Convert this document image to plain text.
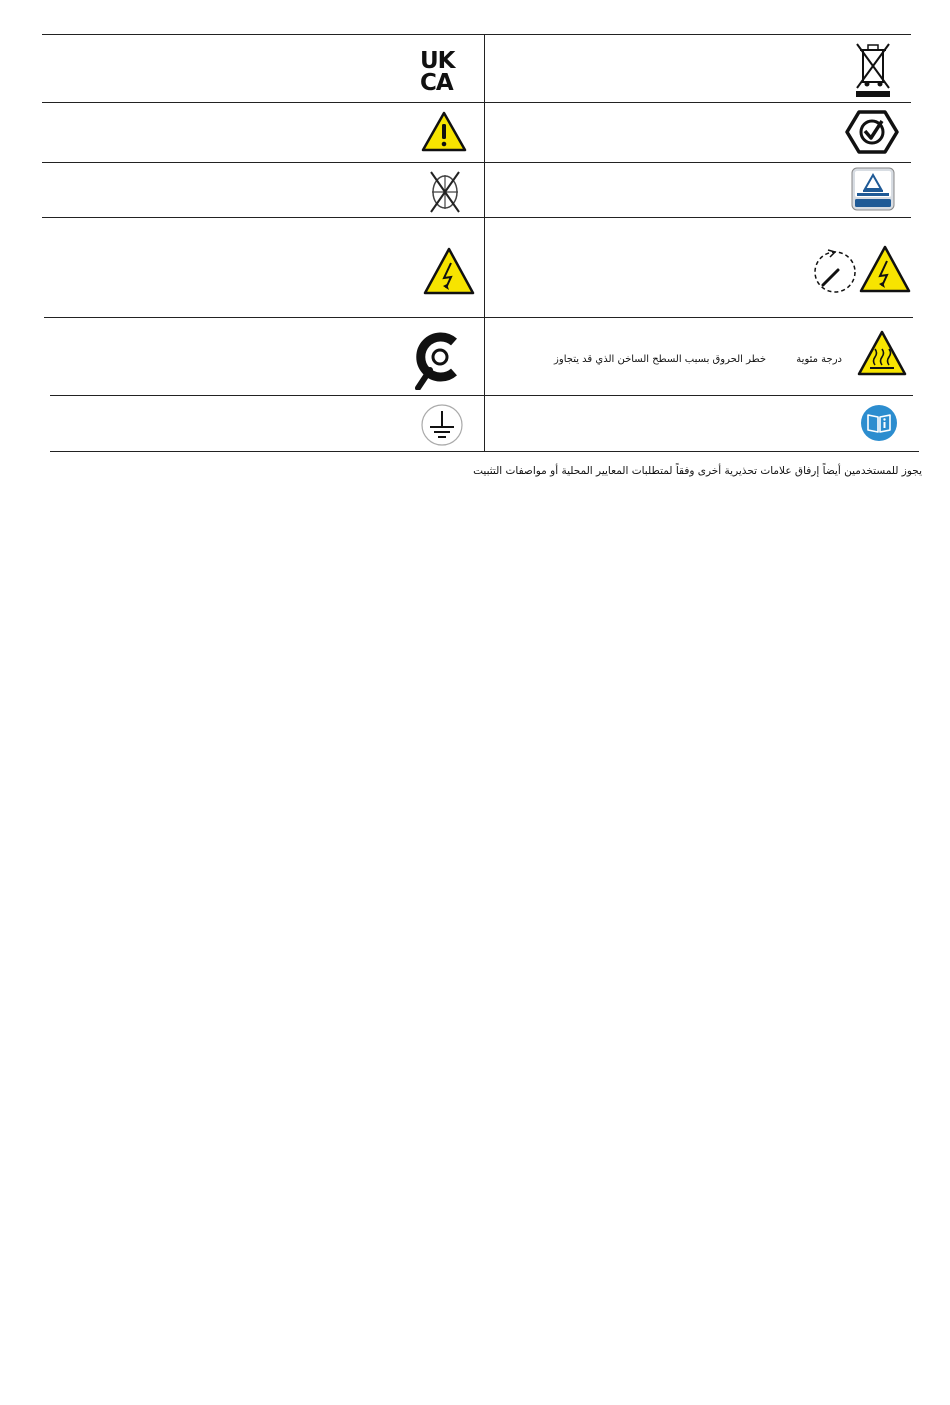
UKCA
درجة مئوية
خطر الحروق بسبب السطح الساخن الذي قد يتجاوز
يجوز للمستخدمين أيضاً إرفاق علامات تحذيرية أخرى وفقاً لمتطلبات المعايير المحلية أو مواصفات التثبيت
